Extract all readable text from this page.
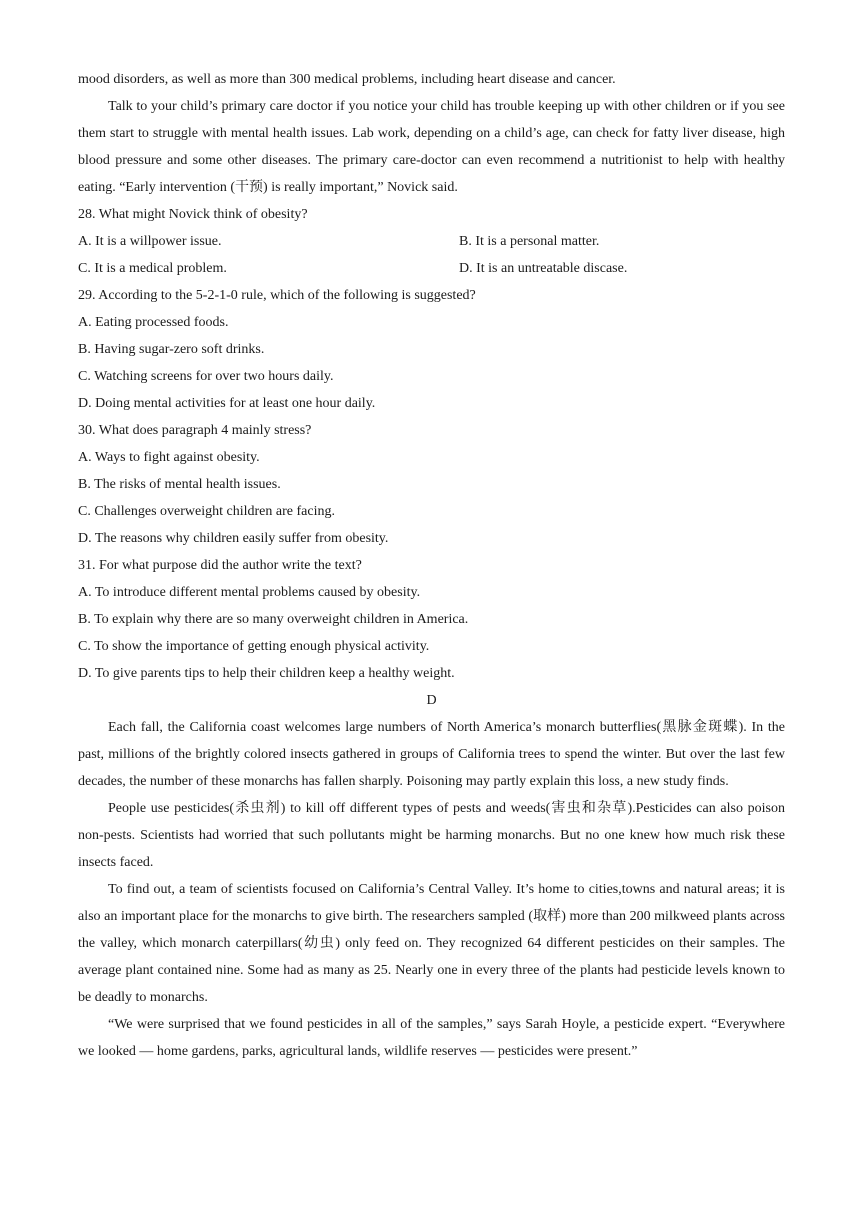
mood disorders, as well as more than 300 medical problems, including heart disease and cancer.

Talk to your child’s primary care doctor if you notice your child has trouble keeping up with other children or if you see them start to struggle with mental health issues. Lab work, depending on a child’s age, can check for fatty liver disease, high blood pressure and some other diseases. The primary care-doctor can even recommend a nutritionist to help with healthy eating. “Early intervention (干预) is really important,” Novick said.

28. What might Novick think of obesity?

A. It is a willpower issue.	B. It is a personal matter.

C. It is a medical problem.	D. It is an untreatable discase.

29. According to the 5-2-1-0 rule, which of the following is suggested?

A. Eating processed foods.

B. Having sugar-zero soft drinks.

C. Watching screens for over two hours daily.

D. Doing mental activities for at least one hour daily.

30. What does paragraph 4 mainly stress?

A. Ways to fight against obesity.

B. The risks of mental health issues.

C. Challenges overweight children are facing.

D. The reasons why children easily suffer from obesity.

31. For what purpose did the author write the text?

A. To introduce different mental problems caused by obesity.

B. To explain why there are so many overweight children in America.

C. To show the importance of getting enough physical activity.

D. To give parents tips to help their children keep a healthy weight.

D

Each fall, the California coast welcomes large numbers of North America’s monarch butterflies(黑脉金斑蝶). In the past, millions of the brightly colored insects gathered in groups of California trees to spend the winter. But over the last few decades, the number of these monarchs has fallen sharply. Poisoning may partly explain this loss, a new study finds.

People use pesticides(杀虫剂) to kill off different types of pests and weeds(害虫和杂草).Pesticides can also poison non-pests. Scientists had worried that such pollutants might be harming monarchs. But no one knew how much risk these insects faced.

To find out, a team of scientists focused on California’s Central Valley. It’s home to cities,towns and natural areas; it is also an important place for the monarchs to give birth. The researchers sampled (取样) more than 200 milkweed plants across the valley, which monarch caterpillars(幼虫) only feed on. They recognized 64 different pesticides on their samples. The average plant contained nine. Some had as many as 25. Nearly one in every three of the plants had pesticide levels known to be deadly to monarchs.

“We were surprised that we found pesticides in all of the samples,” says Sarah Hoyle, a pesticide expert. “Everywhere we looked — home gardens, parks, agricultural lands, wildlife reserves — pesticides were present.”
